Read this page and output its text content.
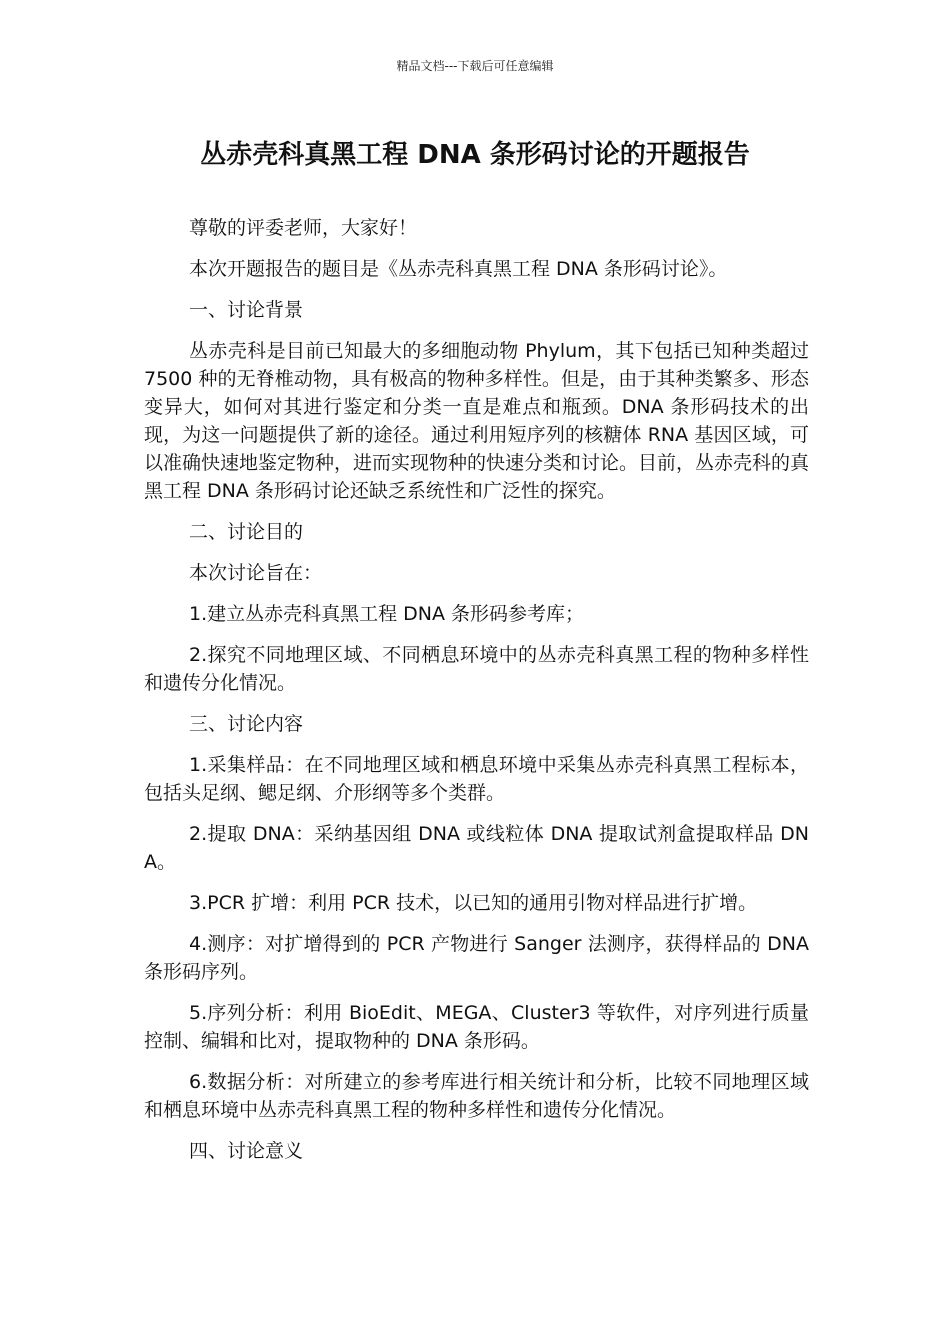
精品文档---下载后可任意编辑
丛赤壳科真黑工程 DNA 条形码讨论的开题报告

尊敬的评委老师，大家好！

本次开题报告的题目是《丛赤壳科真黑工程 DNA 条形码讨论》。

一、讨论背景

丛赤壳科是目前已知最大的多细胞动物 Phylum，其下包括已知种类超过 7500 种的无脊椎动物，具有极高的物种多样性。但是，由于其种类繁多、形态变异大，如何对其进行鉴定和分类一直是难点和瓶颈。DNA 条形码技术的出现，为这一问题提供了新的途径。通过利用短序列的核糖体 RNA 基因区域，可以准确快速地鉴定物种，进而实现物种的快速分类和讨论。目前，丛赤壳科的真黑工程 DNA 条形码讨论还缺乏系统性和广泛性的探究。

二、讨论目的

本次讨论旨在：

1.建立丛赤壳科真黑工程 DNA 条形码参考库；

2.探究不同地理区域、不同栖息环境中的丛赤壳科真黑工程的物种多样性和遗传分化情况。

三、讨论内容

1.采集样品：在不同地理区域和栖息环境中采集丛赤壳科真黑工程标本，包括头足纲、鳃足纲、介形纲等多个类群。

2.提取 DNA：采纳基因组 DNA 或线粒体 DNA 提取试剂盒提取样品 DNA。

3.PCR 扩增：利用 PCR 技术，以已知的通用引物对样品进行扩增。

4.测序：对扩增得到的 PCR 产物进行 Sanger 法测序，获得样品的 DNA 条形码序列。

5.序列分析：利用 BioEdit、MEGA、Cluster3 等软件，对序列进行质量控制、编辑和比对，提取物种的 DNA 条形码。

6.数据分析：对所建立的参考库进行相关统计和分析，比较不同地理区域和栖息环境中丛赤壳科真黑工程的物种多样性和遗传分化情况。

四、讨论意义
